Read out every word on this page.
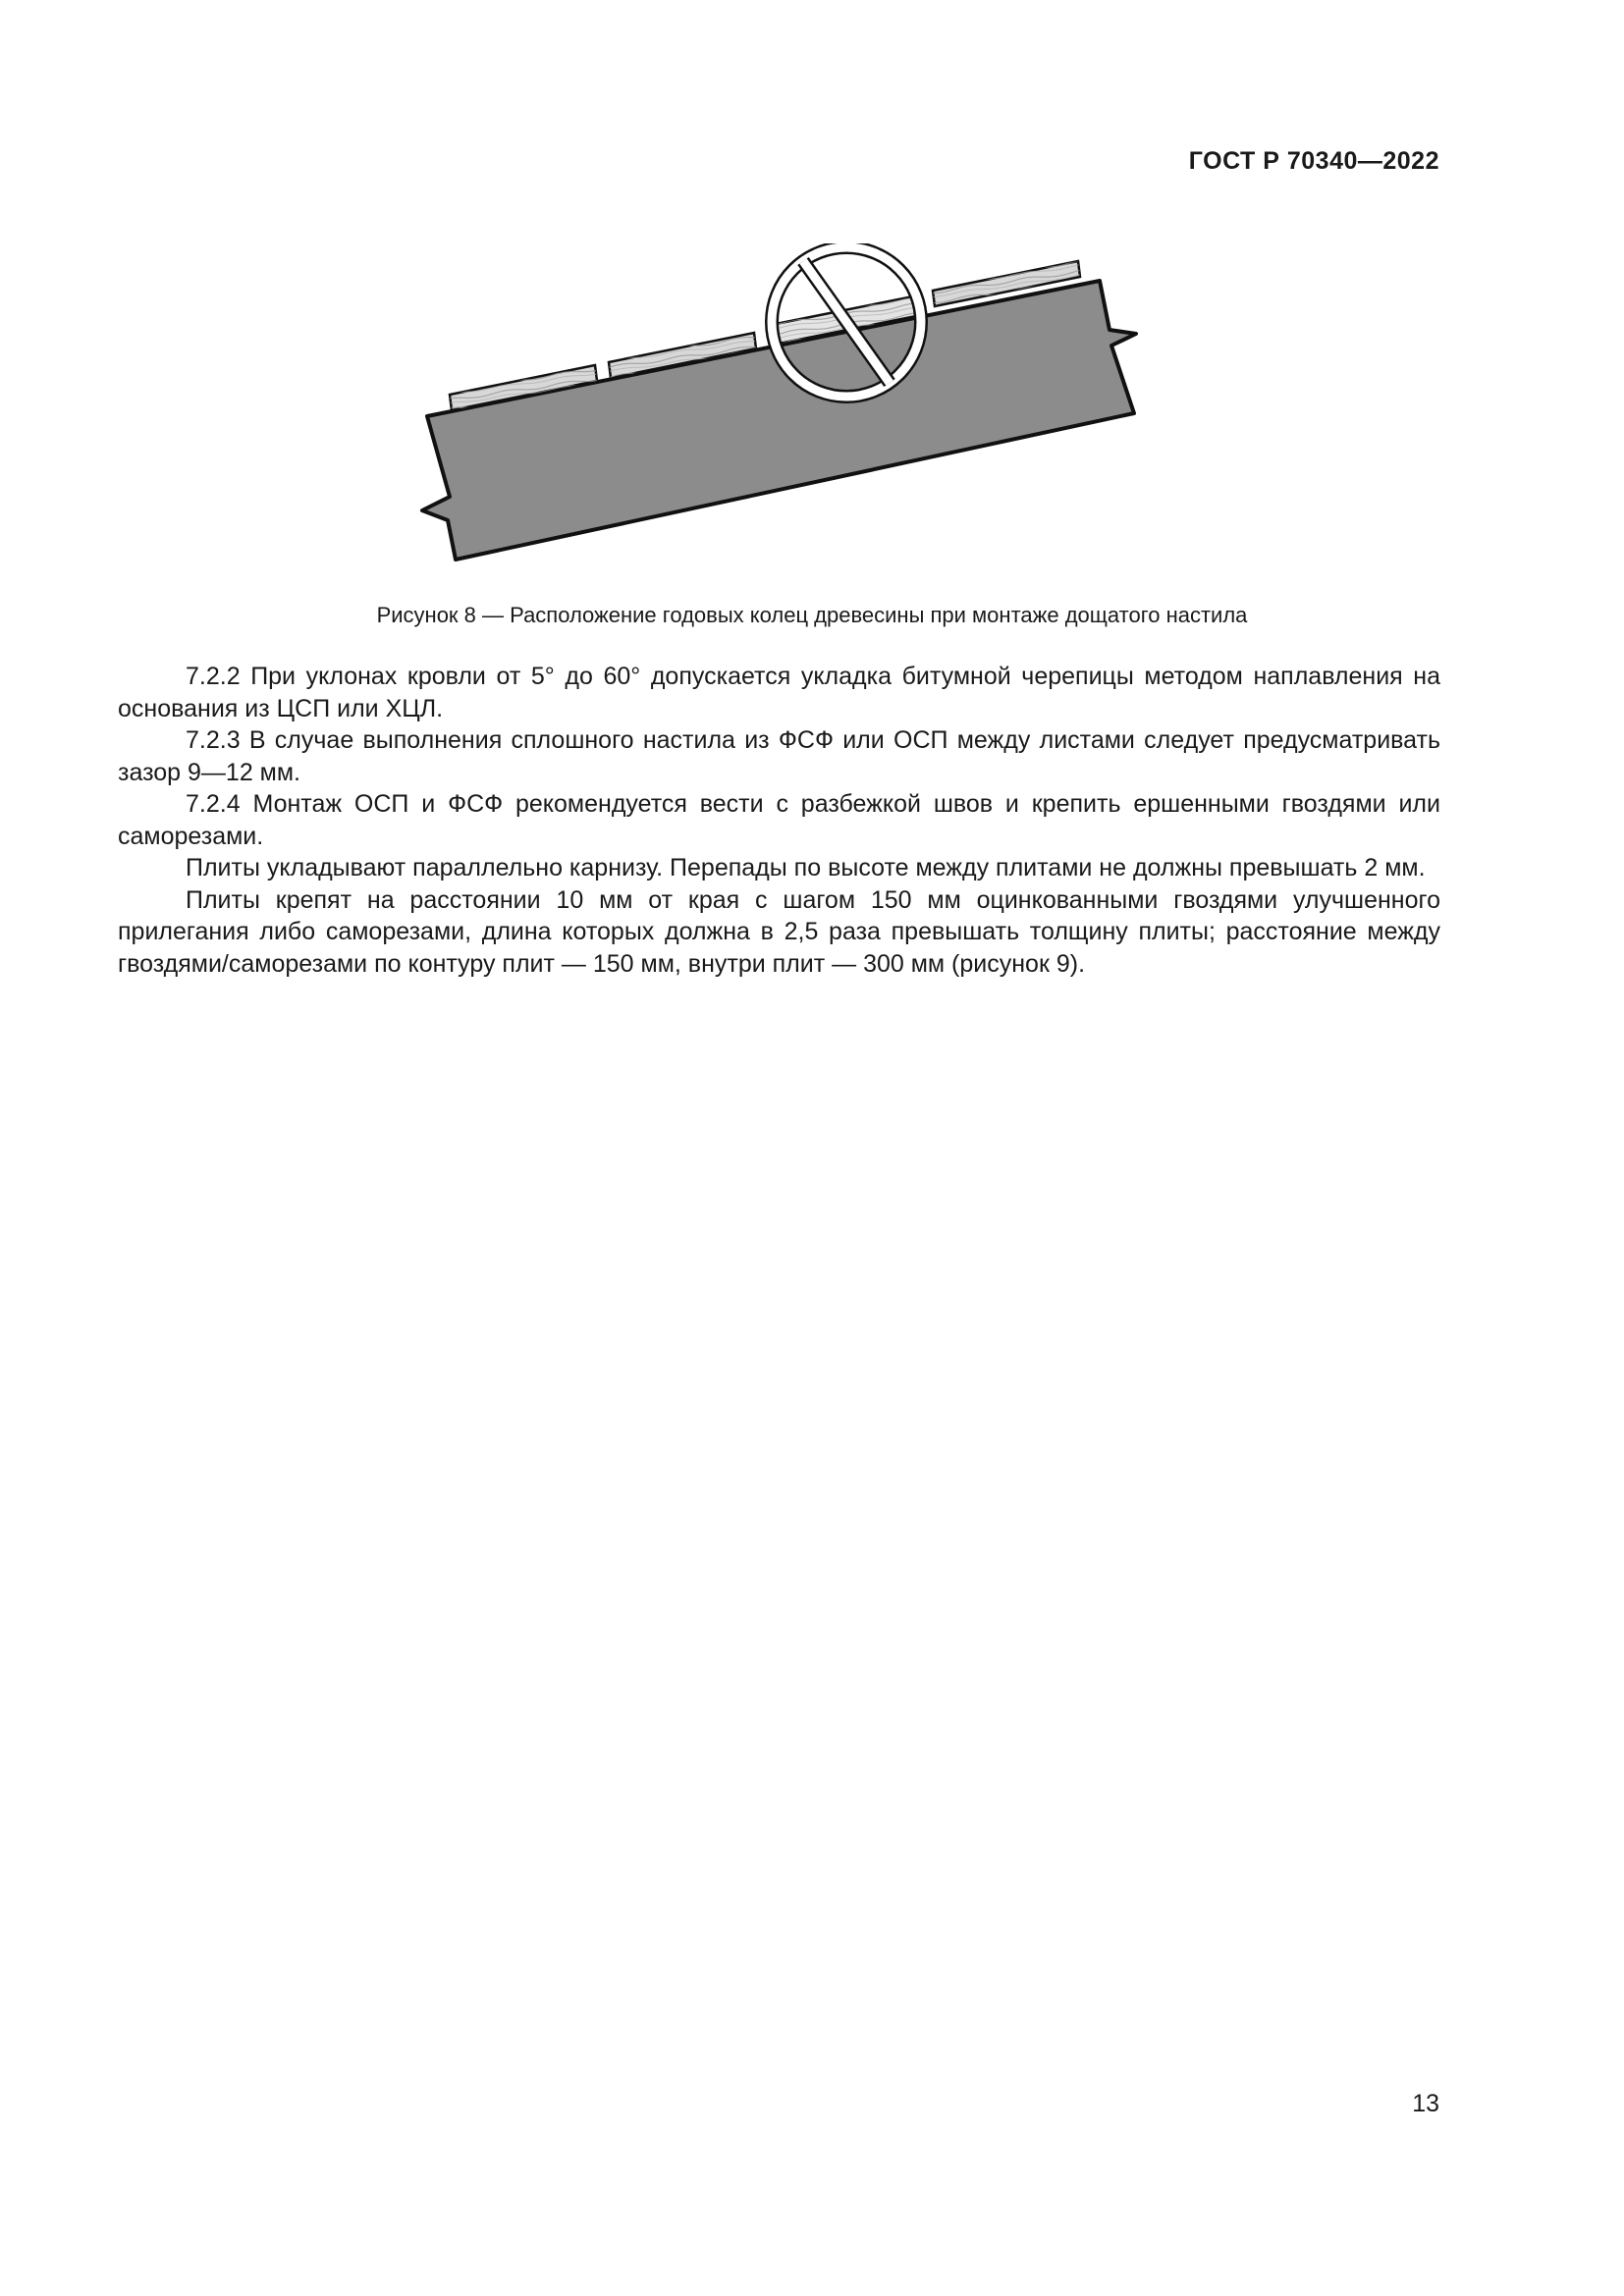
ГОСТ Р 70340—2022
Рисунок 8 — Расположение годовых колец древесины при монтаже дощатого настила

7.2.2 При уклонах кровли от 5° до 60° допускается укладка битумной черепицы методом наплавления на основания из ЦСП или ХЦЛ.

7.2.3 В случае выполнения сплошного настила из ФСФ или ОСП между листами следует предусматривать зазор 9—12 мм.

7.2.4 Монтаж ОСП и ФСФ рекомендуется вести с разбежкой швов и крепить ершенными гвоздями или саморезами.

Плиты укладывают параллельно карнизу. Перепады по высоте между плитами не должны превышать 2 мм.

Плиты крепят на расстоянии 10 мм от края с шагом 150 мм оцинкованными гвоздями улучшенного прилегания либо саморезами, длина которых должна в 2,5 раза превышать толщину плиты; расстояние между гвоздями/саморезами по контуру плит — 150 мм, внутри плит — 300 мм (рисунок 9).

13
